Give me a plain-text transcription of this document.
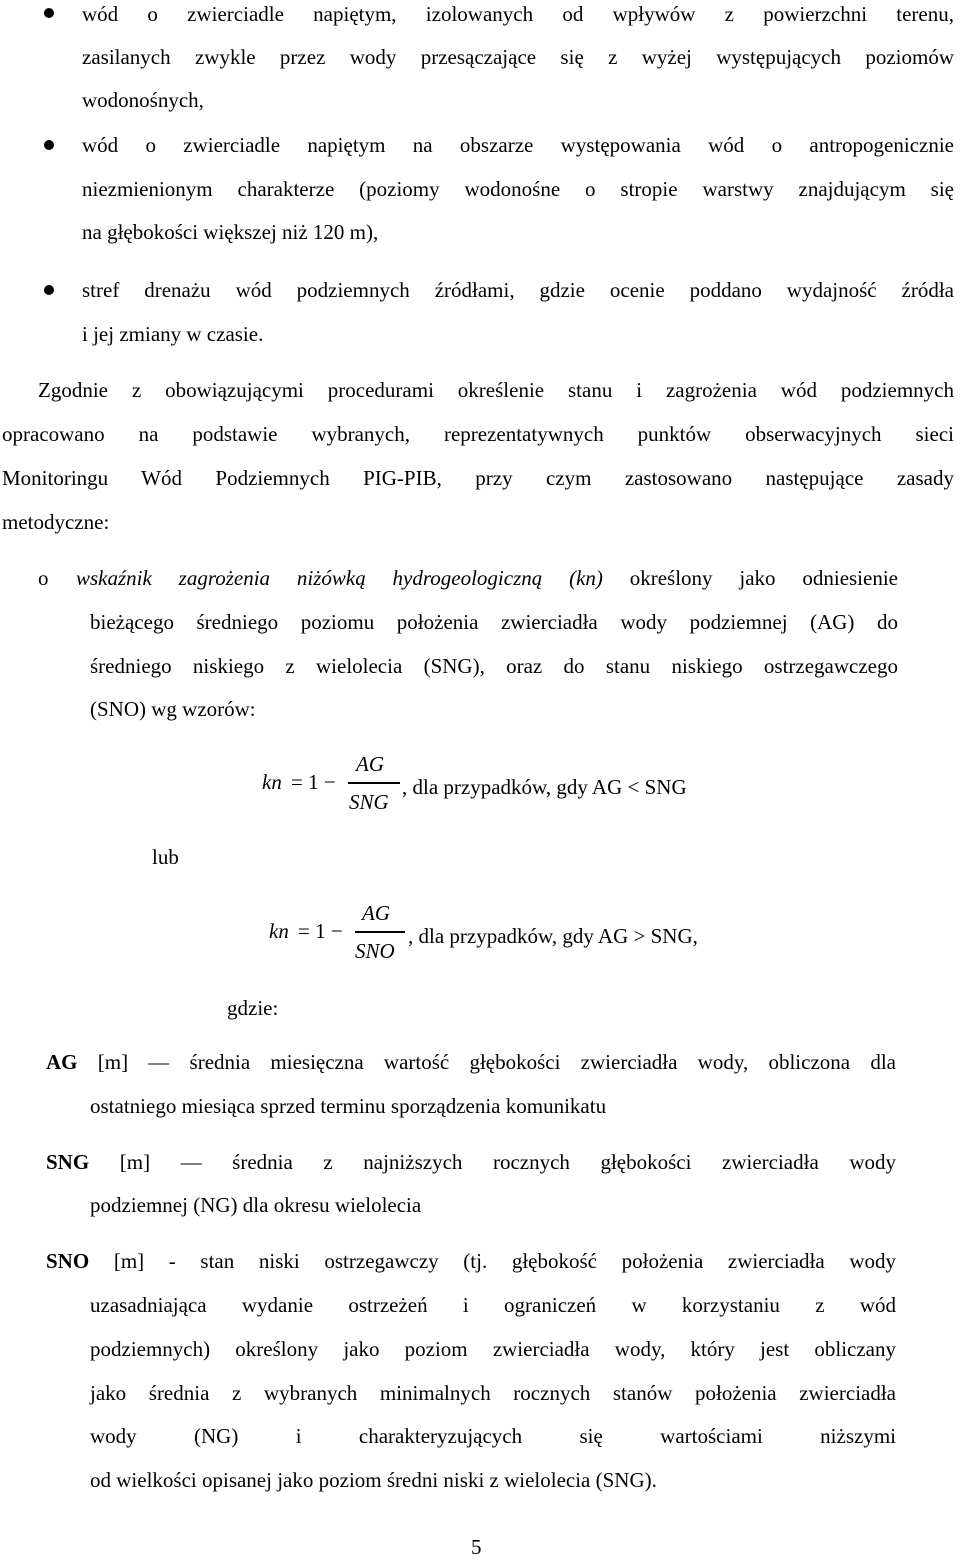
wód o zwierciadle napiętym, izolowanych od wpływów z powierzchni terenu,
zasilanych zwykle przez wody przesączające się z wyżej występujących poziomów
wodonośnych,
wód o zwierciadle napiętym na obszarze występowania wód o antropogenicznie
niezmienionym charakterze (poziomy wodonośne o stropie warstwy znajdującym się
na głębokości większej niż 120 m),
stref drenażu wód podziemnych źródłami, gdzie ocenie poddano wydajność źródła
i jej zmiany w czasie.
Zgodnie z obowiązującymi procedurami określenie stanu i zagrożenia wód podziemnych
opracowano na podstawie wybranych, reprezentatywnych punktów obserwacyjnych sieci
Monitoringu Wód Podziemnych PIG-PIB, przy czym zastosowano następujące zasady
metodyczne:
o wskaźnik zagrożenia niżówką hydrogeologiczną (kn) określony jako odniesienie
bieżącego średniego poziomu położenia zwierciadła wody podziemnej (AG) do
średniego niskiego z wielolecia (SNG), oraz do stanu niskiego ostrzegawczego
(SNO) wg wzorów:
kn = 1 −
AG
SNG
, dla przypadków, gdy AG < SNG
lub
kn = 1 −
AG
SNO
, dla przypadków, gdy AG > SNG,
gdzie:
AG [m] — średnia miesięczna wartość głębokości zwierciadła wody, obliczona dla
ostatniego miesiąca sprzed terminu sporządzenia komunikatu
SNG [m] — średnia z najniższych rocznych głębokości zwierciadła wody
podziemnej (NG) dla okresu wielolecia
SNO [m] - stan niski ostrzegawczy (tj. głębokość położenia zwierciadła wody
uzasadniająca wydanie ostrzeżeń i ograniczeń w korzystaniu z wód
podziemnych) określony jako poziom zwierciadła wody, który jest obliczany
jako średnia z wybranych minimalnych rocznych stanów położenia zwierciadła
wody (NG) i charakteryzujących się wartościami niższymi
od wielkości opisanej jako poziom średni niski z wielolecia (SNG).
5
